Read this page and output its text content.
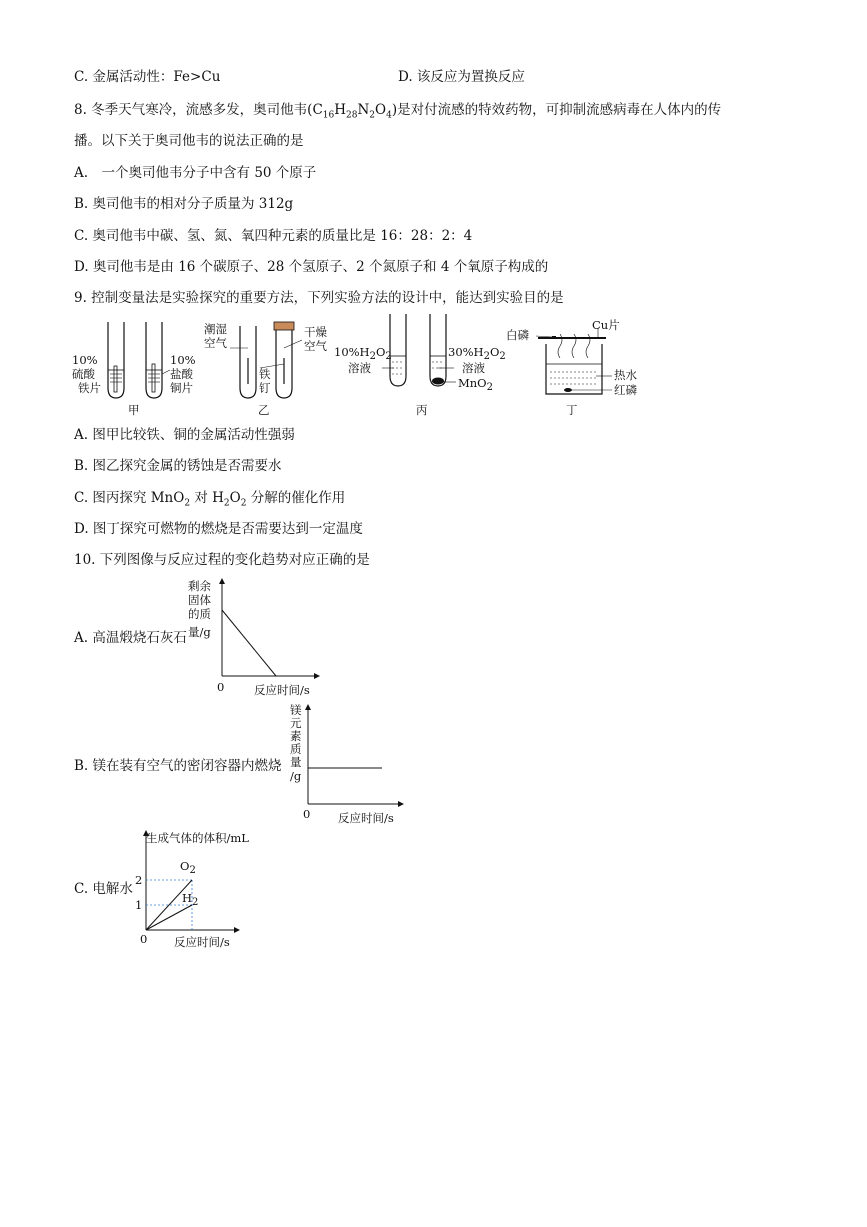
C. 金属活动性：Fe>Cu	D. 该反应为置换反应
8. 冬季天气寒冷，流感多发，奥司他韦$(C_{16}H_{28}N_2O_4)$是对付流感的特效药物，可抑制流感病毒在人体内的传
播。以下关于奥司他韦的说法正确的是
A.　一个奥司他韦分子中含有 50 个原子
B. 奥司他韦的相对分子质量为 312g
C. 奥司他韦中碳、氢、氮、氧四种元素的质量比是 16：28：2：4
D. 奥司他韦是由 16 个碳原子、28 个氢原子、2 个氮原子和 4 个氧原子构成的
9. 控制变量法是实验探究的重要方法，下列实验方法的设计中，能达到实验目的是
10%
硫酸
铁片
10%
盐酸
铜片
甲
潮湿
空气
干燥
空气
铁
钉
乙
10%H2O2
溶液
30%H2O2
溶液
MnO2
丙
白磷
Cu片
热水
红磷
丁
A. 图甲比较铁、铜的金属活动性强弱
B. 图乙探究金属的锈蚀是否需要水
C. 图丙探究 MnO$_2$ 对 $H_2O_2$ 分解的催化作用
D. 图丁探究可燃物的燃烧是否需要达到一定温度
10. 下列图像与反应过程的变化趋势对应正确的是
A. 高温煅烧石灰石
剩余
固体
的质
量/g
0	反应时间/s
B. 镁在装有空气的密闭容器内燃烧
镁
元
素
质
量
/g
0 反应时间/s
C. 电解水
生成气体的体积/mL
2
1
0 反应时间/s
O2
H2
